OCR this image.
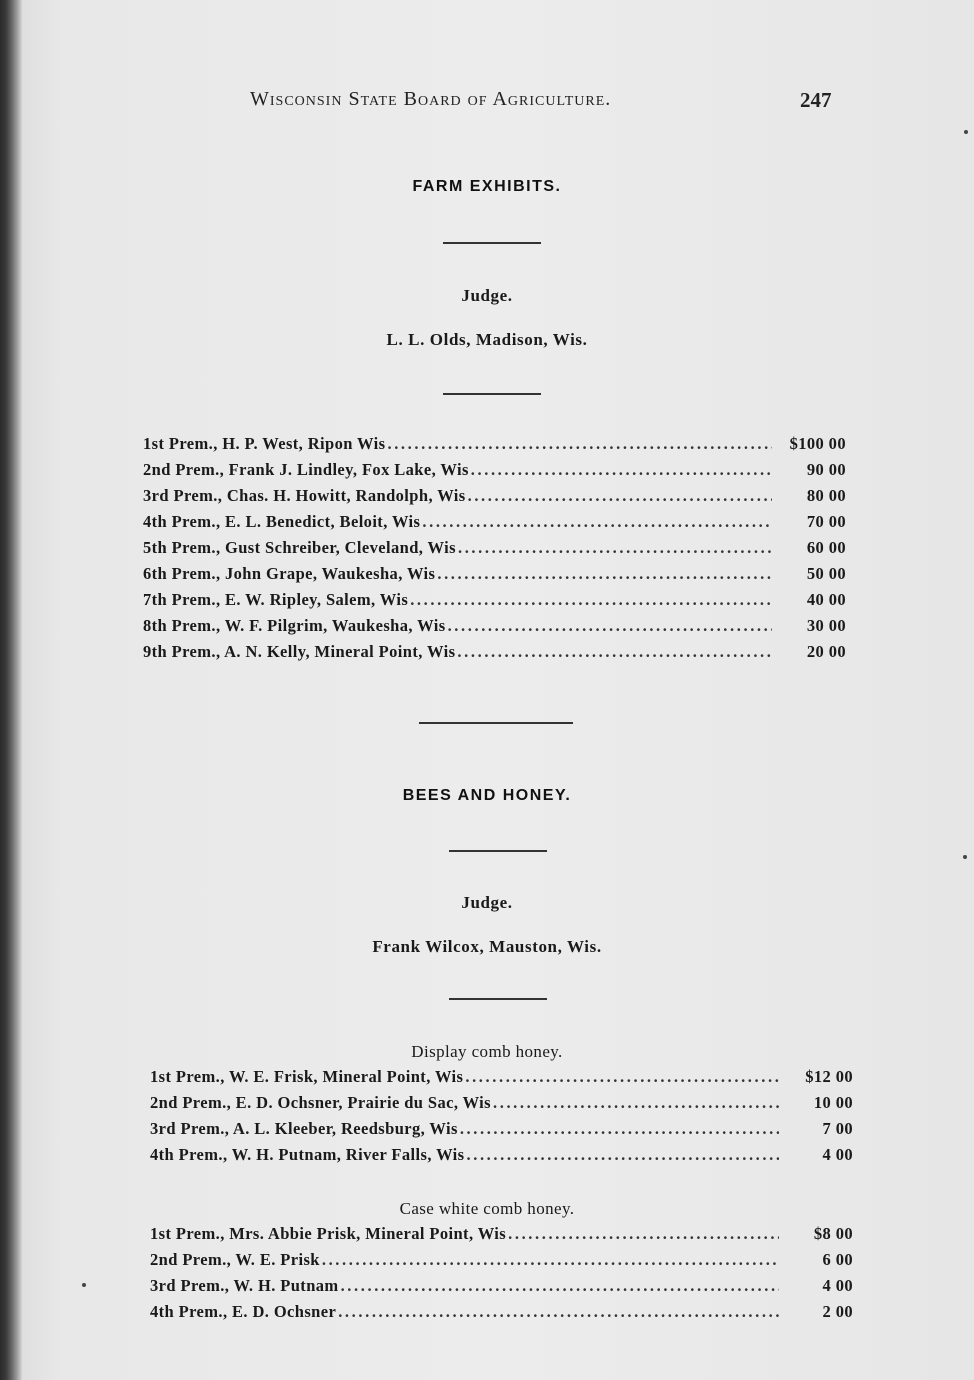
Wisconsin State Board of Agriculture.	247
FARM EXHIBITS.
Judge.
L. L. Olds, Madison, Wis.
1st Prem., H. P. West, Ripon Wis .....	$100 00
2nd Prem., Frank J. Lindley, Fox Lake, Wis .....	90 00
3rd Prem., Chas. H. Howitt, Randolph, Wis .....	80 00
4th Prem., E. L. Benedict, Beloit, Wis .....	70 00
5th Prem., Gust Schreiber, Cleveland, Wis .....	60 00
6th Prem., John Grape, Waukesha, Wis .....	50 00
7th Prem., E. W. Ripley, Salem, Wis .....	40 00
8th Prem., W. F. Pilgrim, Waukesha, Wis .....	30 00
9th Prem., A. N. Kelly, Mineral Point, Wis .....	20 00
BEES AND HONEY.
Judge.
Frank Wilcox, Mauston, Wis.
Display comb honey.
1st Prem., W. E. Frisk, Mineral Point, Wis .....	$12 00
2nd Prem., E. D. Ochsner, Prairie du Sac, Wis .....	10 00
3rd Prem., A. L. Kleeber, Reedsburg, Wis .....	7 00
4th Prem., W. H. Putnam, River Falls, Wis .....	4 00
Case white comb honey.
1st Prem., Mrs. Abbie Prisk, Mineral Point, Wis .....	$8 00
2nd Prem., W. E. Prisk .....	6 00
3rd Prem., W. H. Putnam .....	4 00
4th Prem., E. D. Ochsner .....	2 00
